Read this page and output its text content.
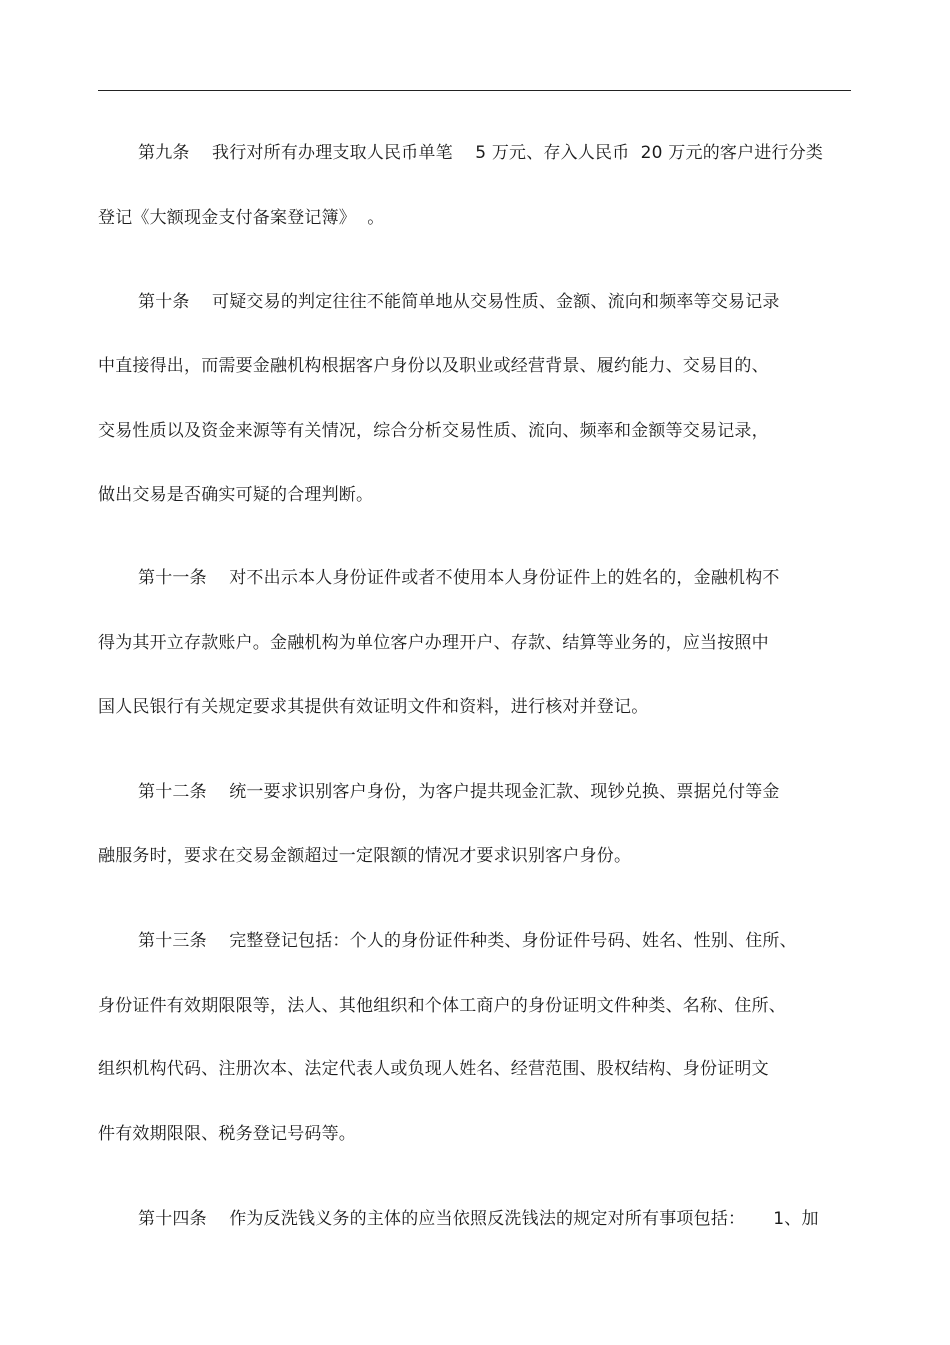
第九条    我行对所有办理支取人民币单笔    5 万元、存入人民币  20 万元的客户进行分类
登记《大额现金支付备案登记簿》  。
第十条    可疑交易的判定往往不能简单地从交易性质、金额、流向和频率等交易记录
中直接得出，而需要金融机构根据客户身份以及职业或经营背景、履约能力、交易目的、
交易性质以及资金来源等有关情况，综合分析交易性质、流向、频率和金额等交易记录，
做出交易是否确实可疑的合理判断。
第十一条    对不出示本人身份证件或者不使用本人身份证件上的姓名的，金融机构不
得为其开立存款账户。金融机构为单位客户办理开户、存款、结算等业务的，应当按照中
国人民银行有关规定要求其提供有效证明文件和资料，进行核对并登记。
第十二条    统一要求识别客户身份，为客户提共现金汇款、现钞兑换、票据兑付等金
融服务时，要求在交易金额超过一定限额的情况才要求识别客户身份。
第十三条    完整登记包括：个人的身份证件种类、身份证件号码、姓名、性别、住所、
身份证件有效期限限等，法人、其他组织和个体工商户的身份证明文件种类、名称、住所、
组织机构代码、注册次本、法定代表人或负现人姓名、经营范围、股权结构、身份证明文
件有效期限限、税务登记号码等。
第十四条    作为反洗钱义务的主体的应当依照反洗钱法的规定对所有事项包括：     1、加
